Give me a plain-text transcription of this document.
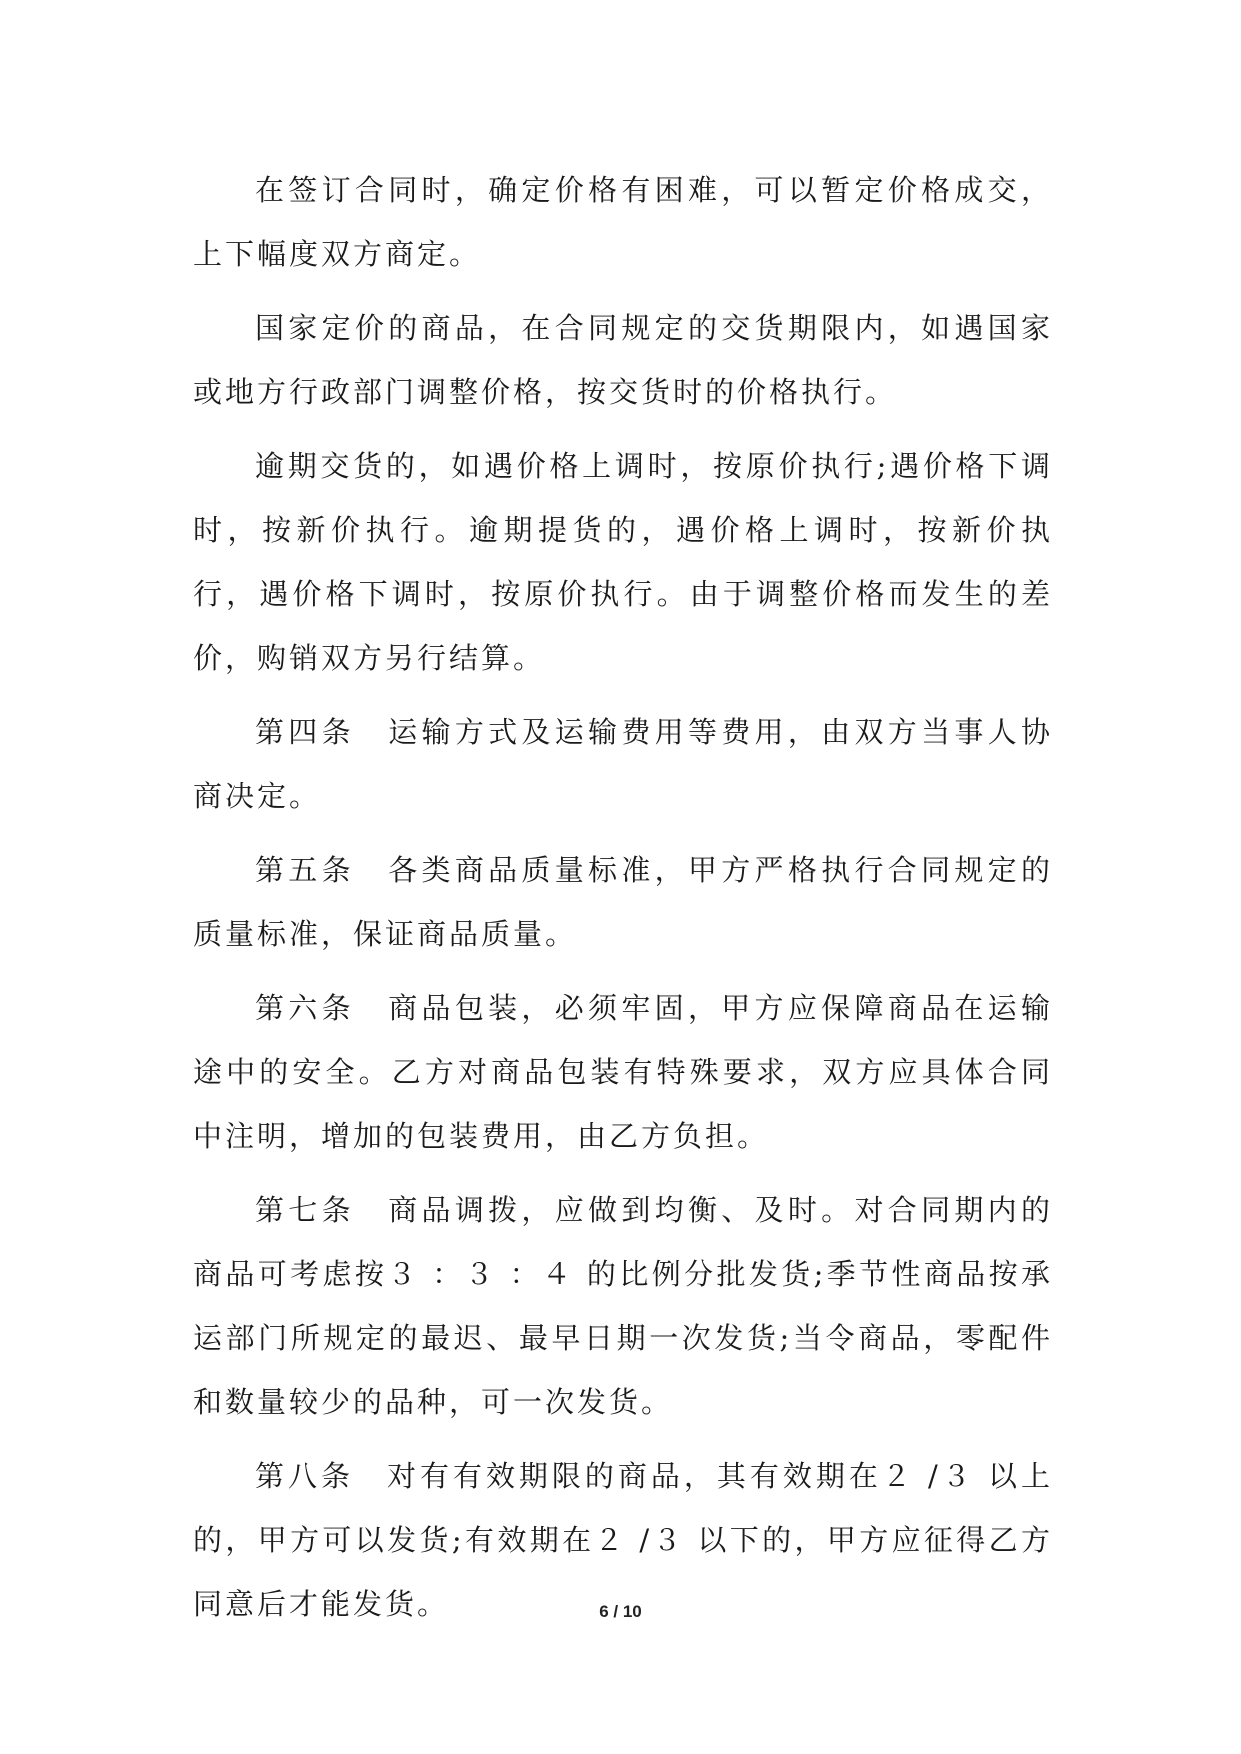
在签订合同时，确定价格有困难，可以暂定价格成交，上下幅度双方商定。

国家定价的商品，在合同规定的交货期限内，如遇国家或地方行政部门调整价格，按交货时的价格执行。

逾期交货的，如遇价格上调时，按原价执行;遇价格下调时，按新价执行。逾期提货的，遇价格上调时，按新价执行，遇价格下调时，按原价执行。由于调整价格而发生的差价，购销双方另行结算。

第四条　运输方式及运输费用等费用，由双方当事人协商决定。

第五条　各类商品质量标准，甲方严格执行合同规定的质量标准，保证商品质量。

第六条　商品包装，必须牢固，甲方应保障商品在运输途中的安全。乙方对商品包装有特殊要求，双方应具体合同中注明，增加的包装费用，由乙方负担。

第七条　商品调拨，应做到均衡、及时。对合同期内的商品可考虑按３ ：３ ：４ 的比例分批发货;季节性商品按承运部门所规定的最迟、最早日期一次发货;当令商品，零配件和数量较少的品种，可一次发货。

第八条　对有有效期限的商品，其有效期在２ /３ 以上的，甲方可以发货;有效期在２ /３ 以下的，甲方应征得乙方同意后才能发货。	6 / 10
